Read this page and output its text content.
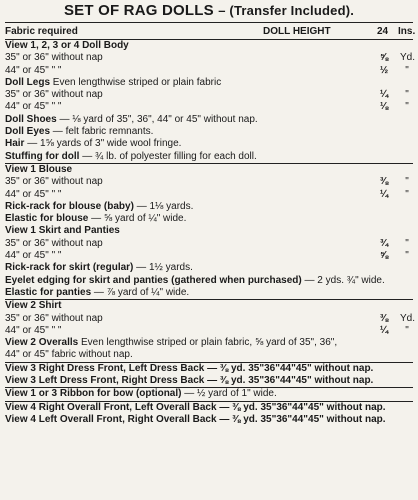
SET OF RAG DOLLS – (Transfer Included).
Fabric required	DOLL HEIGHT	24 Ins.
View 1, 2, 3 or 4 Doll Body
35" or 36" without nap	⅝	Yd.
44" or 45" " "	½	"
Doll Legs Even lengthwise striped or plain fabric
35" or 36" without nap	¼	"
44" or 45" " "	⅛	"
Doll Shoes — ⅛ yard of 35", 36", 44" or 45" without nap.
Doll Eyes — felt fabric remnants.
Hair — 1⅝ yards of 3" wide wool fringe.
Stuffing for doll — ¾ lb. of polyester filling for each doll.
View 1 Blouse
35" or 36" without nap	⅜	"
44" or 45" " "	¼	"
Rick-rack for blouse (baby) — 1⅛ yards.
Elastic for blouse — ⅝ yard of ¼" wide.
View 1 Skirt and Panties
35" or 36" without nap	¾	"
44" or 45" " "	⅝	"
Rick-rack for skirt (regular) — 1½ yards.
Eyelet edging for skirt and panties (gathered when purchased) — 2 yds. ¾" wide.
Elastic for panties — ⅞ yard of ¼" wide.
View 2 Shirt
35" or 36" without nap	⅜	Yd.
44" or 45" " "	¼	"
View 2 Overalls Even lengthwise striped or plain fabric, ⅝ yard of 35", 36",
44" or 45" fabric without nap.
View 3 Right Dress Front, Left Dress Back — ⅜ yd. 35"36"44"45" without nap.
View 3 Left Dress Front, Right Dress Back — ⅜ yd. 35"36"44"45" without nap.
View 1 or 3 Ribbon for bow (optional) — ½ yard of 1" wide.
View 4 Right Overall Front, Left Overall Back — ⅜ yd. 35"36"44"45" without nap.
View 4 Left Overall Front, Right Overall Back — ⅜ yd. 35"36"44"45" without nap.
